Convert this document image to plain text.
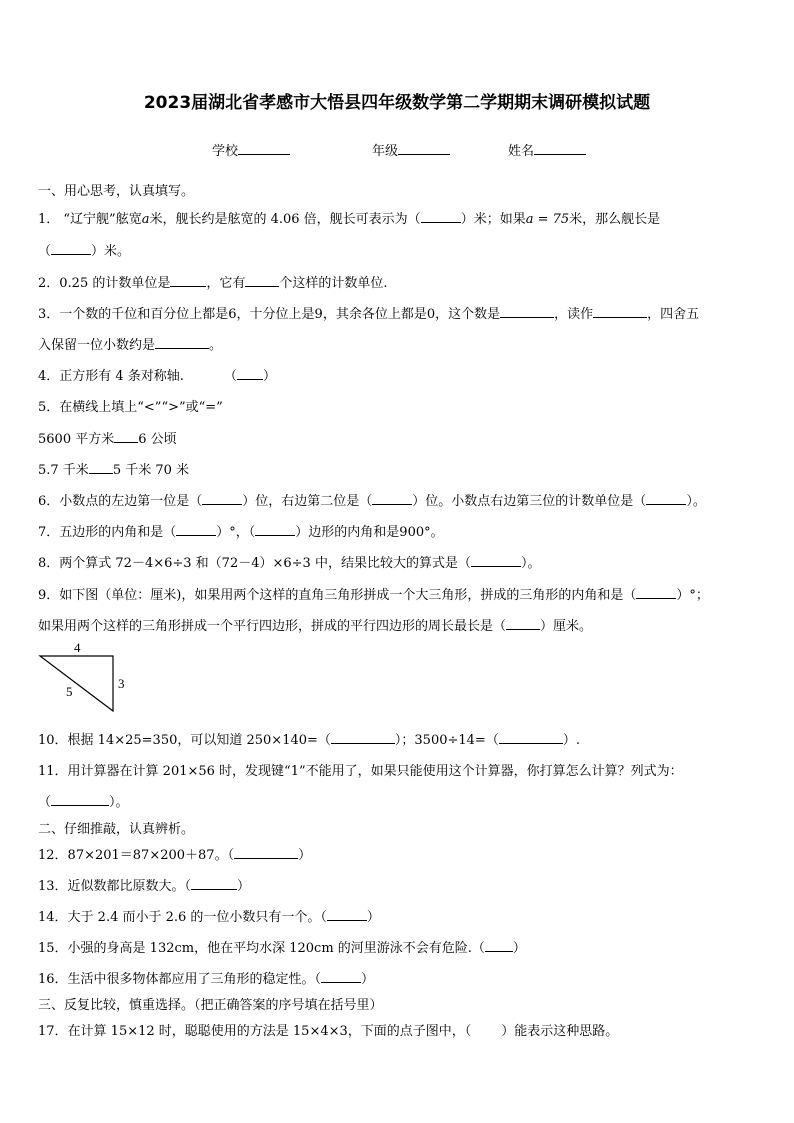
2023届湖北省孝感市大悟县四年级数学第二学期期末调研模拟试题
学校	年级	姓名
一、用心思考，认真填写。
1． “辽宁舰”舷宽a米，舰长约是舷宽的 4.06 倍，舰长可表示为（	）米；如果a = 75米，那么舰长是
（	）米。
2．0.25 的计数单位是	，它有	个这样的计数单位.
3．一个数的千位和百分位上都是6，十分位上是9，其余各位上都是0，这个数是	，读作	，四舍五
入保留一位小数约是	。
4．正方形有 4 条对称轴.	（ ）
5．在横线上填上“<”“>”或“=”
5600 平方米 6 公顷
5.7 千米 5 千米 70 米
6．小数点的左边第一位是（	）位，右边第二位是（	）位。小数点右边第三位的计数单位是（	）。
7．五边形的内角和是（	）°，（	）边形的内角和是900°。
8．两个算式 72－4×6÷3 和（72－4）×6÷3 中，结果比较大的算式是（	）。
9．如下图（单位：厘米)，如果用两个这样的直角三角形拼成一个大三角形，拼成的三角形的内角和是（	）°；
如果用两个这样的三角形拼成一个平行四边形，拼成的平行四边形的周长最长是（	）厘米。
4
3
5
10．根据 14×25=350，可以知道 250×140=（	）；3500÷14=（	）.
11．用计算器在计算 201×56 时，发现键“1”不能用了，如果只能使用这个计算器，你打算怎么计算？列式为：
（	）。
二、仔细推敲，认真辨析。
12．87×201＝87×200＋87。（	）
13．近似数都比原数大。（	）
14．大于 2.4 而小于 2.6 的一位小数只有一个。（	）
15．小强的身高是 132cm，他在平均水深 120cm 的河里游泳不会有危险.（ ）
16．生活中很多物体都应用了三角形的稳定性。（	）
三、反复比较，慎重选择。（把正确答案的序号填在括号里）
17．在计算 15×12 时，聪聪使用的方法是 15×4×3，下面的点子图中，（ ）能表示这种思路。
